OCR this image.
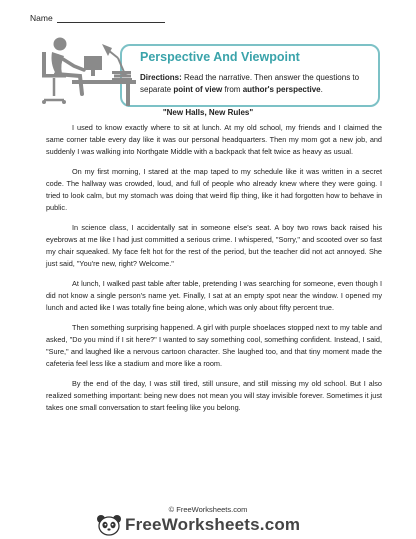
Name
Perspective And Viewpoint
Directions: Read the narrative. Then answer the questions to separate point of view from author's perspective.
"New Halls, New Rules"

I used to know exactly where to sit at lunch. At my old school, my friends and I claimed the same corner table every day like it was our personal headquarters. Then my mom got a new job, and suddenly I was walking into Northgate Middle with a backpack that felt twice as heavy as usual.

On my first morning, I stared at the map taped to my schedule like it was written in a secret code. The hallway was crowded, loud, and full of people who already knew where they were going. I tried to look calm, but my stomach was doing that weird flip thing, like it had forgotten how to behave in public.

In science class, I accidentally sat in someone else's seat. A boy two rows back raised his eyebrows at me like I had just committed a serious crime. I whispered, "Sorry," and scooted over so fast my chair squeaked. My face felt hot for the rest of the period, but the teacher did not act annoyed. She just said, "You're new, right? Welcome."

At lunch, I walked past table after table, pretending I was searching for someone, even though I did not know a single person's name yet. Finally, I sat at an empty spot near the window. I opened my lunch and acted like I was totally fine being alone, which was only about fifty percent true.

Then something surprising happened. A girl with purple shoelaces stopped next to my table and asked, "Do you mind if I sit here?" I wanted to say something cool, something confident. Instead, I said, "Sure," and laughed like a nervous cartoon character. She laughed too, and that tiny moment made the cafeteria feel less like a stadium and more like a room.

By the end of the day, I was still tired, still unsure, and still missing my old school. But I also realized something important: being new does not mean you will stay invisible forever. Sometimes it just takes one small conversation to start feeling like you belong.

© FreeWorksheets.com
FreeWorksheets.com
